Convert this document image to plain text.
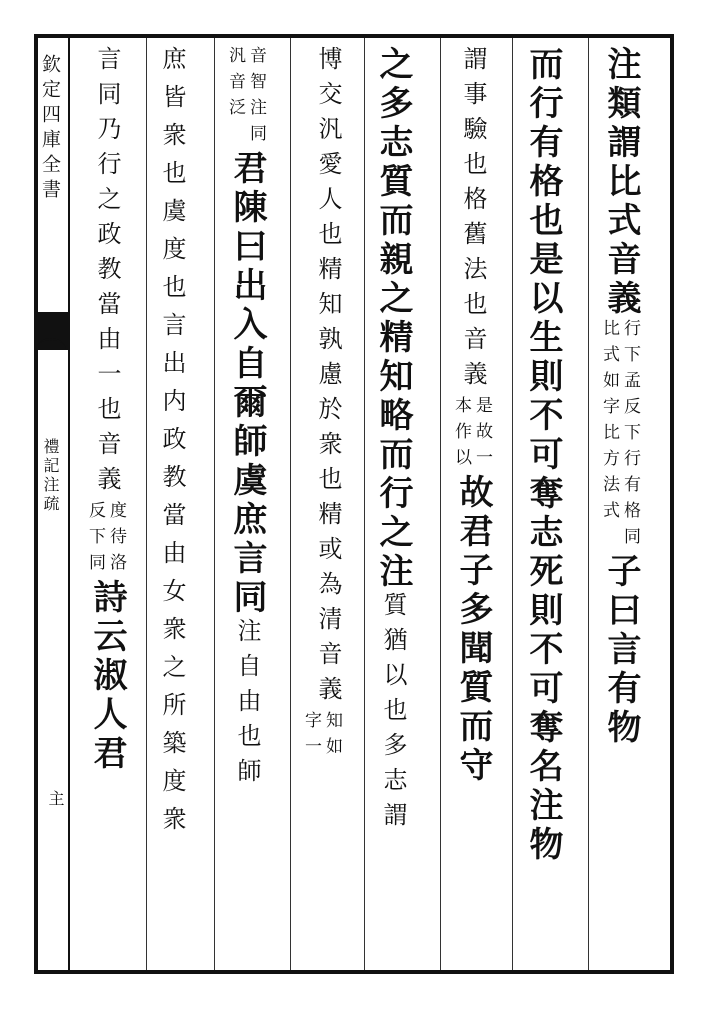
欽定四庫全書
禮記注疏
主
注類謂比式音義
行下孟反下行有格同
比式如字比方法式
子曰言有物
而行有格也是以生則不可奪志死則不可奪名注物
謂事驗也格舊法也音義
是故一
本作以
故君子多聞質而守
之多志質而親之精知略而行之注質猶以也多志謂
博交汎愛人也精知孰慮於衆也精或為清音義
知如
字一
音智注同
汎音泛
君陳曰出入自爾師虞庶言同注自由也師
庶皆衆也虞度也言出内政教當由女衆之所築度衆
言同乃行之政教當由一也音義
度待洛
反下同
詩云淑人君
